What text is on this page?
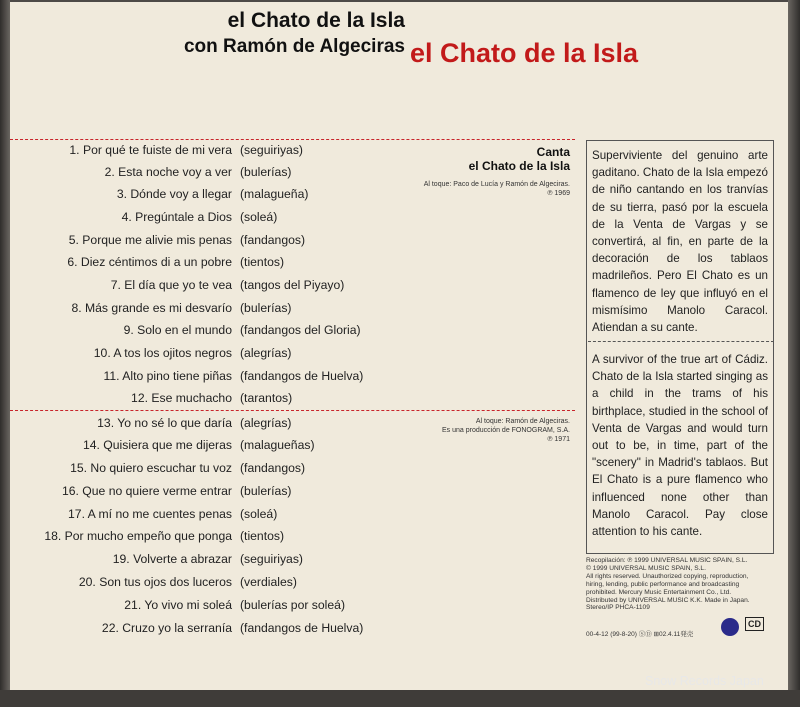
el Chato de la Isla
con Ramón de Algeciras el Chato de la Isla
1. Por qué te fuiste de mi vera (seguiriyas)
2. Esta noche voy a ver (bulerías)
3. Dónde voy a llegar (malagueña)
4. Pregúntale a Dios (soleá)
5. Porque me alivie mis penas (fandangos)
6. Diez céntimos di a un pobre (tientos)
7. El día que yo te vea (tangos del Piyayo)
8. Más grande es mi desvarío (bulerías)
9. Solo en el mundo (fandangos del Gloria)
10. A tos los ojitos negros (alegrías)
11. Alto pino tiene piñas (fandangos de Huelva)
12. Ese muchacho (tarantos)
13. Yo no sé lo que daría (alegrías)
14. Quisiera que me dijeras (malagueñas)
15. No quiero escuchar tu voz (fandangos)
16. Que no quiere verme entrar (bulerías)
17. A mí no me cuentes penas (soleá)
18. Por mucho empeño que ponga (tientos)
19. Volverte a abrazar (seguiriyas)
20. Son tus ojos dos luceros (verdiales)
21. Yo vivo mi soleá (bulerías por soleá)
22. Cruzo yo la serranía (fandangos de Huelva)
Canta
el Chato de la Isla
Al toque: Paco de Lucía y Ramón de Algeciras.
℗ 1969
Al toque: Ramón de Algeciras.
Es una producción de FONOGRAM, S.A.
℗ 1971
Superviviente del genuino arte gaditano. Chato de la Isla empezó de niño cantando en los tranvías de su tierra, pasó por la escuela de la Venta de Vargas y se convertirá, al fin, en parte de la decoración de los tablaos madrileños. Pero El Chato es un flamenco de ley que influyó en el mismísimo Manolo Caracol. Atiendan a su cante.
A survivor of the true art of Cádiz. Chato de la Isla started singing as a child in the trams of his birthplace, studied in the school of Venta de Vargas and would turn out to be, in time, part of the "scenery" in Madrid's tablaos. But El Chato is a pure flamenco who influenced none other than Manolo Caracol. Pay close attention to his cante.
Recopilación: ℗ 1999 UNIVERSAL MUSIC SPAIN, S.L.
© 1999 UNIVERSAL MUSIC SPAIN, S.L.
All rights reserved. Unauthorized copying, reproduction,
hiring, lending, public performance and broadcasting
prohibited. Mercury Music Entertainment Co., Ltd.
Distributed by UNIVERSAL MUSIC K.K. Made in Japan.
Stereo/IP PHCA-1109
00-4-12 (99-8-20) ⓈⒹ ⊞02.4.11発売
CD
Snow Records Japan
